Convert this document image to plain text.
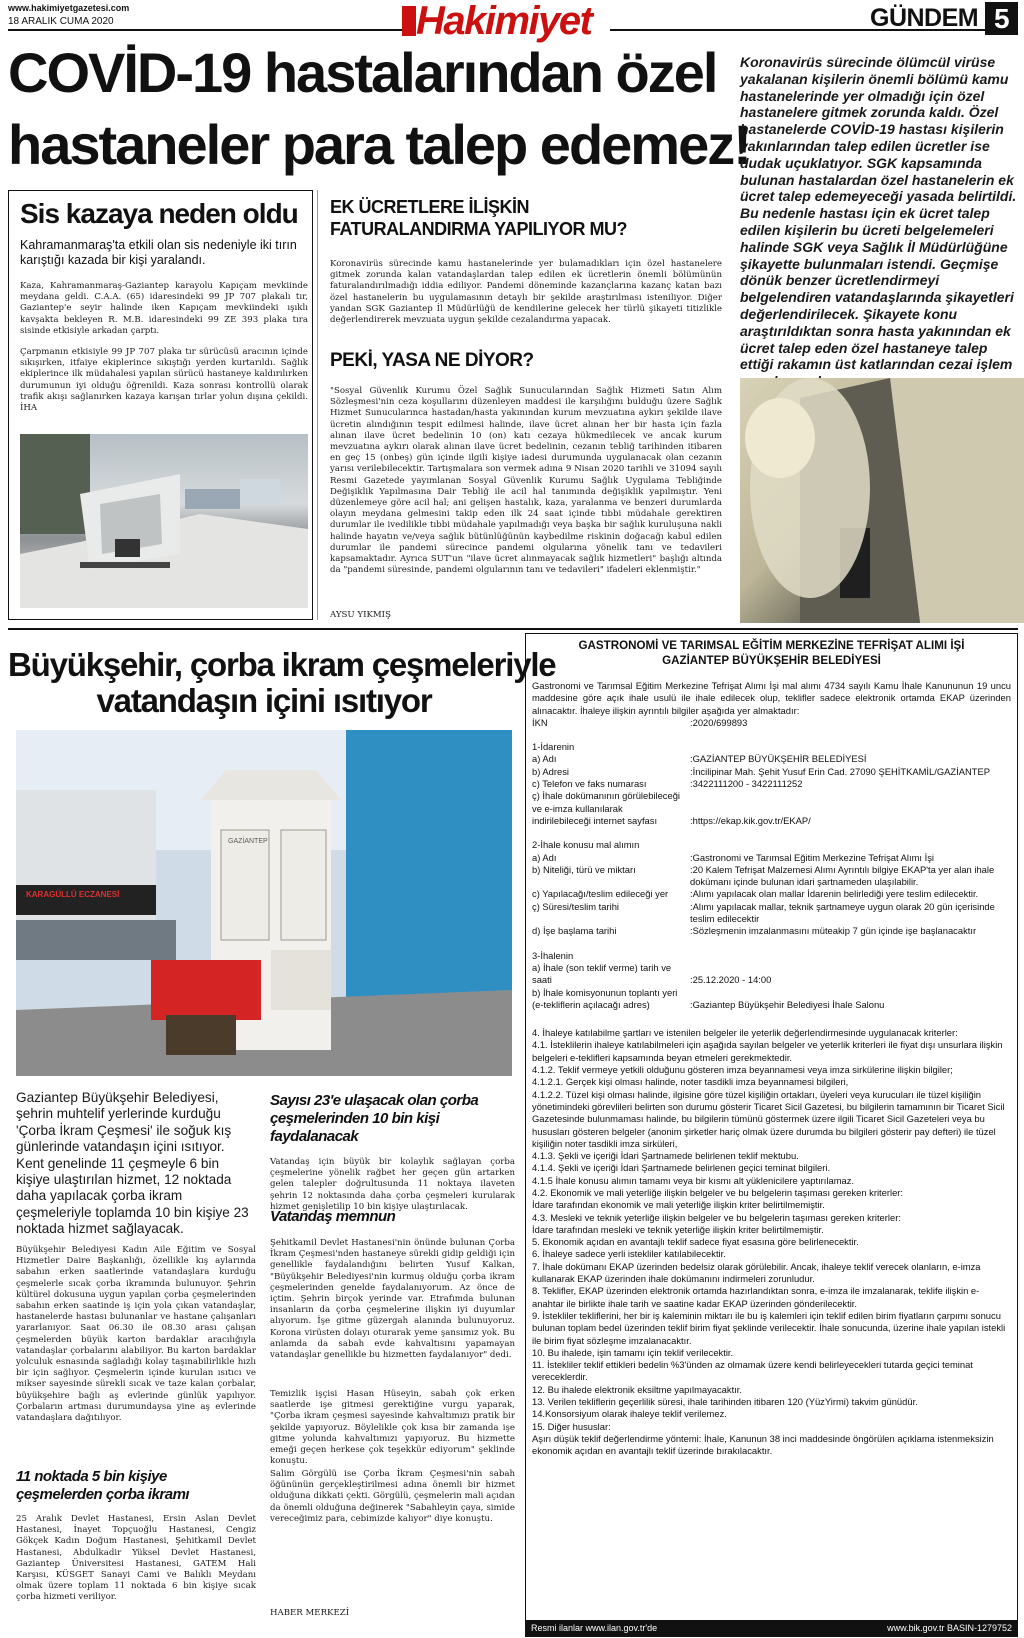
www.hakimiyetgazetesi.com
18 ARALIK CUMA 2020	Hakimiyet	GÜNDEM 5
COVİD-19 hastalarından özel
hastaneler para talep edemez!
Koronavirüs sürecinde ölümcül virüse yakalanan kişilerin önemli bölümü kamu hastanelerinde yer olmadığı için özel hastanelere gitmek zorunda kaldı. Özel hastanelerde COVİD-19 hastası kişilerin yakınlarından talep edilen ücretler ise dudak uçuklatıyor. SGK kapsamında bulunan hastalardan özel hastanelerin ek ücret talep edemeyeceği yasada belirtildi. Bu nedenle hastası için ek ücret talep edilen kişilerin bu ücreti belgelemeleri halinde SGK veya Sağlık İl Müdürlüğüne şikayette bulunmaları istendi. Geçmişe dönük benzer ücretlendirmeyi belgelendiren vatandaşlarında şikayetleri değerlendirilecek. Şikayete konu araştırıldıktan sonra hasta yakınından ek ücret talep eden özel hastaneye talep ettiği rakamın üst katlarından cezai işlem
Sis kazaya neden oldu
Kahramanmaraş'ta etkili olan sis nedeniyle iki tırın karıştığı kazada bir kişi yaralandı.
Kaza, Kahramanmaraş-Gaziantep karayolu Kapıçam mevkiinde meydana geldi. C.A.A. (65) idaresindeki 99 JP 707 plakalı tır, Gaziantep'e seyir halinde iken Kapıçam mevkiindeki ışıklı kavşakta bekleyen R. M.B. idaresindeki 99 ZE 393 plaka tıra sisinde etkisiyle arkadan çarptı.
Çarpmanın etkisiyle 99 JP 707 plaka tır sürücüsü aracının içinde sıkışırken, itfaiye ekiplerince sıkıştığı yerden kurtarıldı. Sağlık ekiplerince ilk müdahalesi yapılan sürücü hastaneye kaldırılırken durumunun iyi olduğu öğrenildi. Kaza sonrası kontrollü olarak trafik akışı sağlanırken kazaya karışan tırlar yolun dışına çekildi. İHA
EK ÜCRETLERE İLİŞKİN
FATURALANDIRMA YAPILIYOR MU?
Koronavirüs sürecinde kamu hastanelerinde yer bulamadıkları için özel hastanelere gitmek zorunda kalan vatandaşlardan talep edilen ek ücretlerin önemli bölümünün faturalandırılmadığı iddia ediliyor. Pandemi döneminde kazançlarına kazanç katan bazı özel hastanelerin bu uygulamasının detaylı bir şekilde araştırılması isteniliyor. Diğer yandan SGK Gaziantep İl Müdürlüğü de kendilerine gelecek her türlü şikayeti titizlikle değerlendirerek mevzuata uygun şekilde cezalandırma yapacak.
PEKİ, YASA NE DİYOR?
"Sosyal Güvenlik Kurumu Özel Sağlık Sunucularından Sağlık Hizmeti Satın Alım Sözleşmesi'nin ceza koşullarını düzenleyen maddesi ile karşılığını bulduğu üzere Sağlık Hizmet Sunucularınca hastadan/hasta yakınından kurum mevzuatına aykırı şekilde ilave ücretin alındığının tespit edilmesi halinde, ilave ücret alınan her bir hasta için fazla alınan ilave ücret bedelinin 10 (on) katı cezaya hükmedilecek ve ancak kurum mevzuatına aykırı olarak alınan ilave ücret bedelinin, cezanın tebliğ tarihinden itibaren en geç 15 (onbeş) gün içinde ilgili kişiye iadesi durumunda uygulanacak olan cezanın yarısı verilebilecektir. Tartışmalara son vermek adına 9 Nisan 2020 tarihli ve 31094 sayılı Resmi Gazetede yayımlanan Sosyal Güvenlik Kurumu Sağlık Uygulama Tebliğinde Değişiklik Yapılmasına Dair Tebliğ ile acil hal tanımında değişiklik yapılmıştır. Yeni düzenlemeye göre acil hal; ani gelişen hastalık, kaza, yaralanma ve benzeri durumlarda olayın meydana gelmesini takip eden ilk 24 saat içinde tıbbi müdahale gerektiren durumlar ile ivedilikle tıbbi müdahale yapılmadığı veya başka bir sağlık kuruluşuna nakli halinde hayatın ve/veya sağlık bütünlüğünün kaybedilme riskinin doğacağı kabul edilen durumlar ile pandemi sürecince pandemi olgularına yönelik tanı ve tedavileri kapsamaktadır. Ayrıca SUT'un "ilave ücret alınmayacak sağlık hizmetleri" başlığı altında da "pandemi süresinde, pandemi olgularının tanı ve tedavileri" ifadeleri eklenmiştir."
AYSU YIKMIŞ
Büyükşehir, çorba ikram çeşmeleriyle
vatandaşın içini ısıtıyor
GAZİANTEP
KARAGÜLLÜ ECZANESİ
Gaziantep Büyükşehir Belediyesi, şehrin muhtelif yerlerinde kurduğu 'Çorba İkram Çeşmesi' ile soğuk kış günlerinde vatandaşın içini ısıtıyor. Kent genelinde 11 çeşmeyle 6 bin kişiye ulaştırılan hizmet, 12 noktada daha yapılacak çorba ikram çeşmeleriyle toplamda 10 bin kişiye 23 noktada hizmet sağlayacak.
Büyükşehir Belediyesi Kadın Aile Eğitim ve Sosyal Hizmetler Daire Başkanlığı, özellikle kış aylarında sabahın erken saatlerinde vatandaşlara kurduğu çeşmelerle sıcak çorba ikramında bulunuyor. Şehrin kültürel dokusuna uygun yapılan çorba çeşmelerinden sabahın erken saatinde iş için yola çıkan vatandaşlar, hastanelerde hastası bulunanlar ve hastane çalışanları yararlanıyor. Saat 06.30 ile 08.30 arası çalışan çeşmelerden büyük karton bardaklar aracılığıyla vatandaşlar çorbalarını alabiliyor. Bu karton bardaklar yolculuk esnasında sağladığı kolay taşınabilirlikle hızlı bir için sağlıyor. Çeşmelerin içinde kurulan ısıtıcı ve mikser sayesinde sürekli sıcak ve taze kalan çorbalar, büyükşehire bağlı aş evlerinde günlük yapılıyor. Çorbaların artması durumundaysa yine aş evlerinde vatandaşlara dağıtılıyor.
11 noktada 5 bin kişiye çeşmelerden çorba ikramı
25 Aralık Devlet Hastanesi, Ersin Aslan Devlet Hastanesi, İnayet Topçuoğlu Hastanesi, Cengiz Gökçek Kadın Doğum Hastanesi, Şehitkamil Devlet Hastanesi, Abdulkadir Yüksel Devlet Hastanesi, Gaziantep Üniversitesi Hastanesi, GATEM Hali Karşısı, KÜSGET Sanayi Cami ve Balıklı Meydanı olmak üzere toplam 11 noktada 6 bin kişiye sıcak çorba hizmeti veriliyor.
Sayısı 23'e ulaşacak olan çorba çeşmelerinden 10 bin kişi faydalanacak
Vatandaş için büyük bir kolaylık sağlayan çorba çeşmelerine yönelik rağbet her geçen gün artarken gelen talepler doğrultusunda 11 noktaya ilaveten şehrin 12 noktasında daha çorba çeşmeleri kurularak hizmet genişletilip 10 bin kişiye ulaştırılacak.
Vatandaş memnun
Şehitkamil Devlet Hastanesi'nin önünde bulunan Çorba İkram Çeşmesi'nden hastaneye sürekli gidip geldiği için genellikle faydalandığını belirten Yusuf Kalkan, "Büyükşehir Belediyesi'nin kurmuş olduğu çorba ikram çeşmelerinden genelde faydalanıyorum. Az önce de içtim. Şehrin birçok yerinde var. Etrafımda bulunan insanların da çorba çeşmelerine ilişkin iyi duyumlar alıyorum. İşe gitme güzergah alanında bulunuyoruz. Korona virüsten dolayı oturarak yeme şansımız yok. Bu anlamda da sabah evde kahvaltısını yapamayan vatandaşlar genellikle bu hizmetten faydalanıyor" dedi.
Temizlik işçisi Hasan Hüseyin, sabah çok erken saatlerde işe gitmesi gerektiğine vurgu yaparak, "Çorba ikram çeşmesi sayesinde kahvaltımızı pratik bir şekilde yapıyoruz. Böylelikle çok kısa bir zamanda işe gitme yolunda kahvaltımızı yapıyoruz. Bu hizmette emeği geçen herkese çok teşekkür ediyorum" şeklinde konuştu.
Salim Görgülü ise Çorba İkram Çeşmesi'nin sabah öğününün gerçekleştirilmesi adına önemli bir hizmet olduğuna dikkati çekti. Görgülü, çeşmelerin mali açıdan da önemli olduğuna değinerek "Sabahleyin çaya, simide vereceğimiz para, cebimizde kalıyor" diye konuştu.
HABER MERKEZİ

GASTRONOMİ VE TARIMSAL EĞİTİM MERKEZİNE TEFRİŞAT ALIMI İŞİ

GAZİANTEP BÜYÜKŞEHİR BELEDİYESİ

Gastronomi ve Tarımsal Eğitim Merkezine Tefrişat Alımı İşi mal alımı 4734 sayılı Kamu İhale Kanununun 19 uncu maddesine göre açık ihale usulü ile ihale edilecek olup, teklifler sadece elektronik ortamda EKAP üzerinden alınacaktır. İhaleye ilişkin ayrıntılı bilgiler aşağıda yer almaktadır:

İKN	:2020/699893

1-İdarenin

a) Adı	:GAZİANTEP BÜYÜKŞEHİR BELEDİYESİ

b) Adresi	:İncilipinar Mah. Şehit Yusuf Erin Cad. 27090 ŞEHİTKAMİL/GAZİANTEP

c) Telefon ve faks numarası	:3422111200 - 3422111252

ç) İhale dokümanının görülebileceği ve e-imza kullanılarak indirilebileceği internet sayfası	:https://ekap.kik.gov.tr/EKAP/

2-İhale konusu mal alımın

a) Adı	:Gastronomi ve Tarımsal Eğitim Merkezine Tefrişat Alımı İşi

b) Niteliği, türü ve miktarı	:20 Kalem Tefrişat Malzemesi Alımı Ayrıntılı bilgiye EKAP'ta yer alan ihale dokümanı içinde bulunan idari şartnameden ulaşılabilir.

c) Yapılacağı/teslim edileceği yer	:Alımı yapılacak olan mallar İdarenin belirlediği yere teslim edilecektir.

ç) Süresi/teslim tarihi	:Alımı yapılacak mallar, teknik şartnameye uygun olarak 20 gün içerisinde teslim edilecektir

d) İşe başlama tarihi	:Sözleşmenin imzalanmasını müteakip 7 gün içinde işe başlanacaktır

3-İhalenin

a) İhale (son teklif verme) tarih ve saati	:25.12.2020 - 14:00

b) İhale komisyonunun toplantı yeri (e-tekliflerin açılacağı adres)	:Gaziantep Büyükşehir Belediyesi İhale Salonu

4. İhaleye katılabilme şartları ve istenilen belgeler ile yeterlik değerlendirmesinde uygulanacak kriterler:

4.1. İsteklilerin ihaleye katılabilmeleri için aşağıda sayılan belgeler ve yeterlik kriterleri ile fiyat dışı unsurlara ilişkin belgeleri e-teklifleri kapsamında beyan etmeleri gerekmektedir.

4.1.2. Teklif vermeye yetkili olduğunu gösteren imza beyannamesi veya imza sirkülerine ilişkin bilgiler;

4.1.2.1. Gerçek kişi olması halinde, noter tasdikli imza beyannamesi bilgileri,

4.1.2.2. Tüzel kişi olması halinde, ilgisine göre tüzel kişiliğin ortakları, üyeleri veya kurucuları ile tüzel kişiliğin yönetimindeki görevlileri belirten son durumu gösterir Ticaret Sicil Gazetesi, bu bilgilerin tamamının bir Ticaret Sicil Gazetesinde bulunmaması halinde, bu bilgilerin tümünü göstermek üzere ilgili Ticaret Sicil Gazeteleri veya bu hususları gösteren belgeler (anonim şirketler hariç olmak üzere durumda bu bilgileri gösterir pay defteri) ile tüzel kişiliğin noter tasdikli imza sirküleri,

4.1.3. Şekli ve içeriği İdari Şartnamede belirlenen teklif mektubu.

4.1.4. Şekli ve içeriği İdari Şartnamede belirlenen geçici teminat bilgileri.

4.1.5 İhale konusu alımın tamamı veya bir kısmı alt yüklenicilere yaptırılamaz.

4.2. Ekonomik ve mali yeterliğe ilişkin belgeler ve bu belgelerin taşıması gereken kriterler:

İdare tarafından ekonomik ve mali yeterliğe ilişkin kriter belirtilmemiştir.

4.3. Mesleki ve teknik yeterliğe ilişkin belgeler ve bu belgelerin taşıması gereken kriterler:

İdare tarafından mesleki ve teknik yeterliğe ilişkin kriter belirtilmemiştir.

5. Ekonomik açıdan en avantajlı teklif sadece fiyat esasına göre belirlenecektir.

6. İhaleye sadece yerli istekliler katılabilecektir.

7. İhale dokümanı EKAP üzerinden bedelsiz olarak görülebilir. Ancak, ihaleye teklif verecek olanların, e-imza kullanarak EKAP üzerinden ihale dokümanını indirmeleri zorunludur.

8. Teklifler, EKAP üzerinden elektronik ortamda hazırlandıktan sonra, e-imza ile imzalanarak, teklife ilişkin e-anahtar ile birlikte ihale tarih ve saatine kadar EKAP üzerinden gönderilecektir.

9. İstekliler tekliflerini, her bir iş kaleminin miktarı ile bu iş kalemleri için teklif edilen birim fiyatların çarpımı sonucu bulunan toplam bedel üzerinden teklif birim fiyat şeklinde verilecektir. İhale sonucunda, üzerine ihale yapılan istekli ile birim fiyat sözleşme imzalanacaktır.

10. Bu ihalede, işin tamamı için teklif verilecektir.

11. İstekliler teklif ettikleri bedelin %3'ünden az olmamak üzere kendi belirleyecekleri tutarda geçici teminat vereceklerdir.

12. Bu ihalede elektronik eksiltme yapılmayacaktır.

13. Verilen tekliflerin geçerlilik süresi, ihale tarihinden itibaren 120 (YüzYirmi) takvim günüdür.

14.Konsorsiyum olarak ihaleye teklif verilemez.

15. Diğer hususlar:

Aşırı düşük teklif değerlendirme yöntemi: İhale, Kanunun 38 inci maddesinde öngörülen açıklama istenmeksizin ekonomik açıdan en avantajlı teklif üzerinde bırakılacaktır.

Resmi ilanlar www.ilan.gov.tr'de	www.bik.gov.tr BASIN-1279752
